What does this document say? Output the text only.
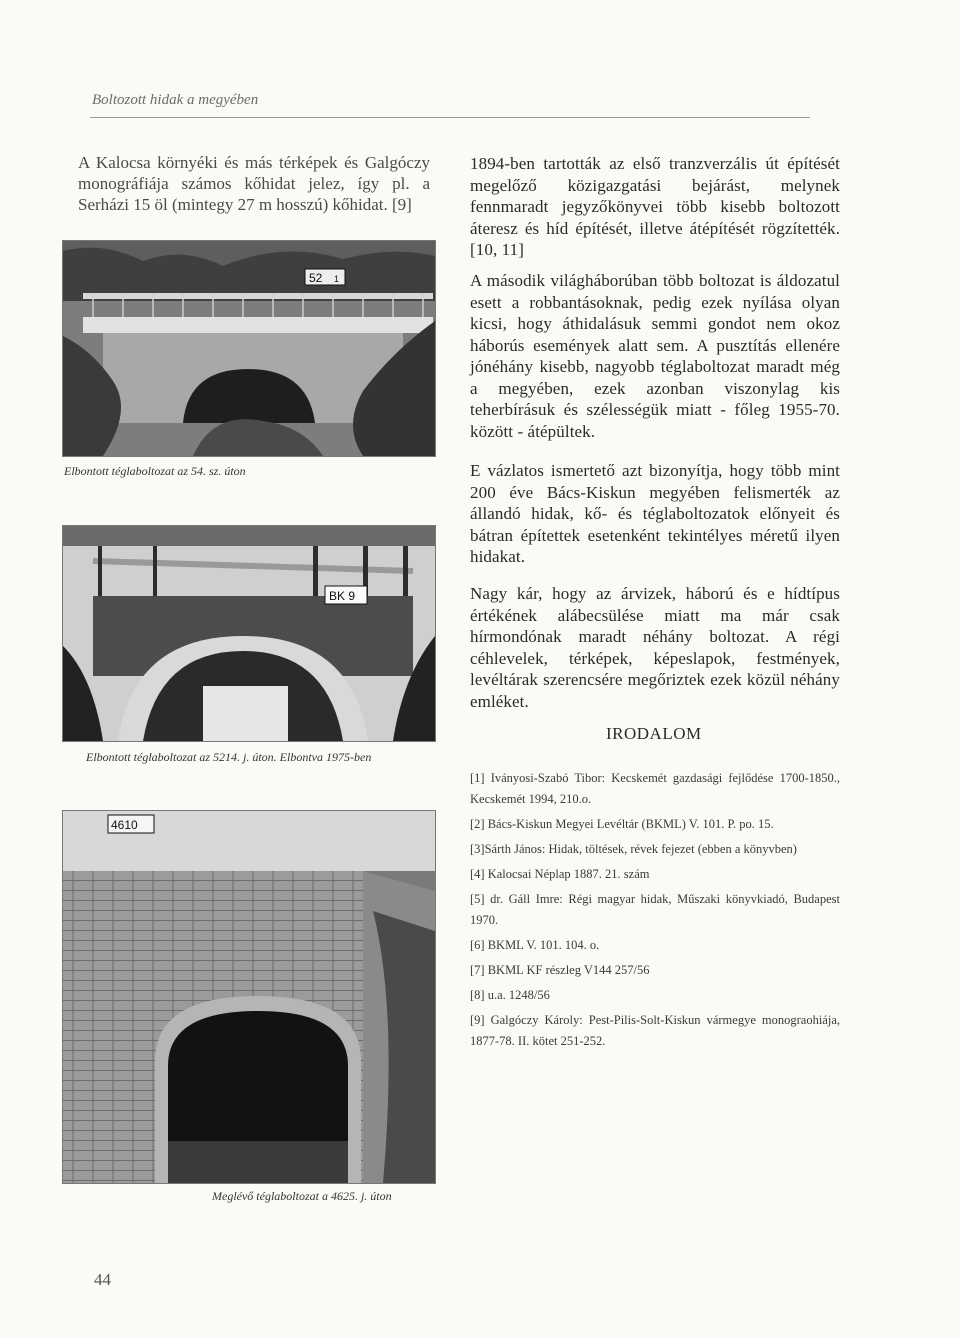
Boltozott hidak a megyében
A Kalocsa környéki és más térképek és Galgóczy monográfiája számos kőhidat jelez, így pl. a Serházi 15 öl (mintegy 27 m hosszú) kőhidat. [9]
52 1
Elbontott téglaboltozat az 54. sz. úton
BK 9
Elbontott téglaboltozat az 5214. j. úton. Elbontva 1975-ben
4610
Meglévő téglaboltozat a 4625. j. úton

1894-ben tartották az első tranzverzális út építését megelőző közigazgatási bejárást, melynek fennmaradt jegyzőkönyvei több kisebb boltozott áteresz és híd építését, illetve átépítését rögzítették. [10, 11]

A második világháborúban több boltozat is áldozatul esett a robbantásoknak, pedig ezek nyílása olyan kicsi, hogy áthidalásuk semmi gondot nem okoz háborús események alatt sem. A pusztítás ellenére jónéhány kisebb, nagyobb téglaboltozat maradt még a megyében, ezek azonban viszonylag kis teherbírásuk és szélességük miatt - főleg 1955-70. között - átépültek.

E vázlatos ismertető azt bizonyítja, hogy több mint 200 éve Bács-Kiskun megyében felismerték az állandó hidak, kő- és téglaboltozatok előnyeit és bátran építettek esetenként tekintélyes méretű ilyen hidakat.

Nagy kár, hogy az árvizek, háború és e hídtípus értékének alábecsülése miatt ma már csak hírmondónak maradt néhány boltozat. A régi céhlevelek, térképek, képeslapok, festmények, levéltárak szerencsére megőriztek ezek közül néhány emléket.

IRODALOM
[1] Iványosi-Szabó Tibor: Kecskemét gazdasági fejlődése 1700-1850., Kecskemét 1994, 210.o.
[2] Bács-Kiskun Megyei Levéltár (BKML) V. 101. P. po. 15.
[3]Sárth János: Hidak, töltések, révek fejezet (ebben a könyvben)
[4] Kalocsai Néplap 1887. 21. szám
[5] dr. Gáll Imre: Régi magyar hidak, Műszaki könyvkiadó, Budapest 1970.
[6] BKML V. 101. 104. o.
[7] BKML KF részleg V144 257/56
[8] u.a. 1248/56
[9] Galgóczy Károly: Pest-Pilis-Solt-Kiskun vármegye monograohiája, 1877-78. II. kötet 251-252.
44
